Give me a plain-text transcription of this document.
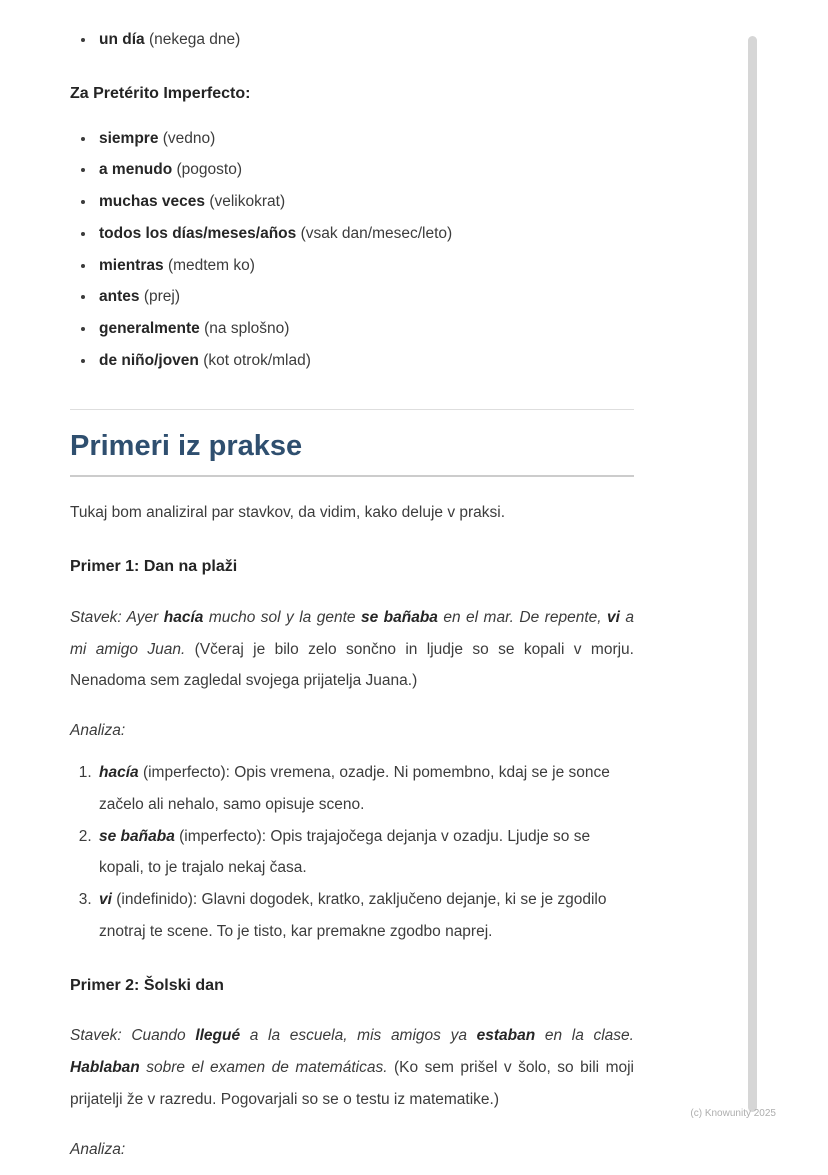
• un día (nekega dne)

Za Pretérito Imperfecto:

• siempre (vedno)
• a menudo (pogosto)
• muchas veces (velikokrat)
• todos los días/meses/años (vsak dan/mesec/leto)
• mientras (medtem ko)
• antes (prej)
• generalmente (na splošno)
• de niño/joven (kot otrok/mlad)
Primeri iz prakse

Tukaj bom analiziral par stavkov, da vidim, kako deluje v praksi.

Primer 1: Dan na plaži

Stavek: Ayer hacía mucho sol y la gente se bañaba en el mar. De repente, vi a mi amigo Juan. (Včeraj je bilo zelo sončno in ljudje so se kopali v morju. Nenadoma sem zagledal svojega prijatelja Juana.)

Analiza:

1. hacía (imperfecto): Opis vremena, ozadje. Ni pomembno, kdaj se je sonce začelo ali nehalo, samo opisuje sceno.
2. se bañaba (imperfecto): Opis trajajočega dejanja v ozadju. Ljudje so se kopali, to je trajalo nekaj časa.
3. vi (indefinido): Glavni dogodek, kratko, zaključeno dejanje, ki se je zgodilo znotraj te scene. To je tisto, kar premakne zgodbo naprej.

Primer 2: Šolski dan

Stavek: Cuando llegué a la escuela, mis amigos ya estaban en la clase. Hablaban sobre el examen de matemáticas. (Ko sem prišel v šolo, so bili moji prijatelji že v razredu. Pogovarjali so se o testu iz matematike.)

Analiza:

(c) Knowunity 2025
